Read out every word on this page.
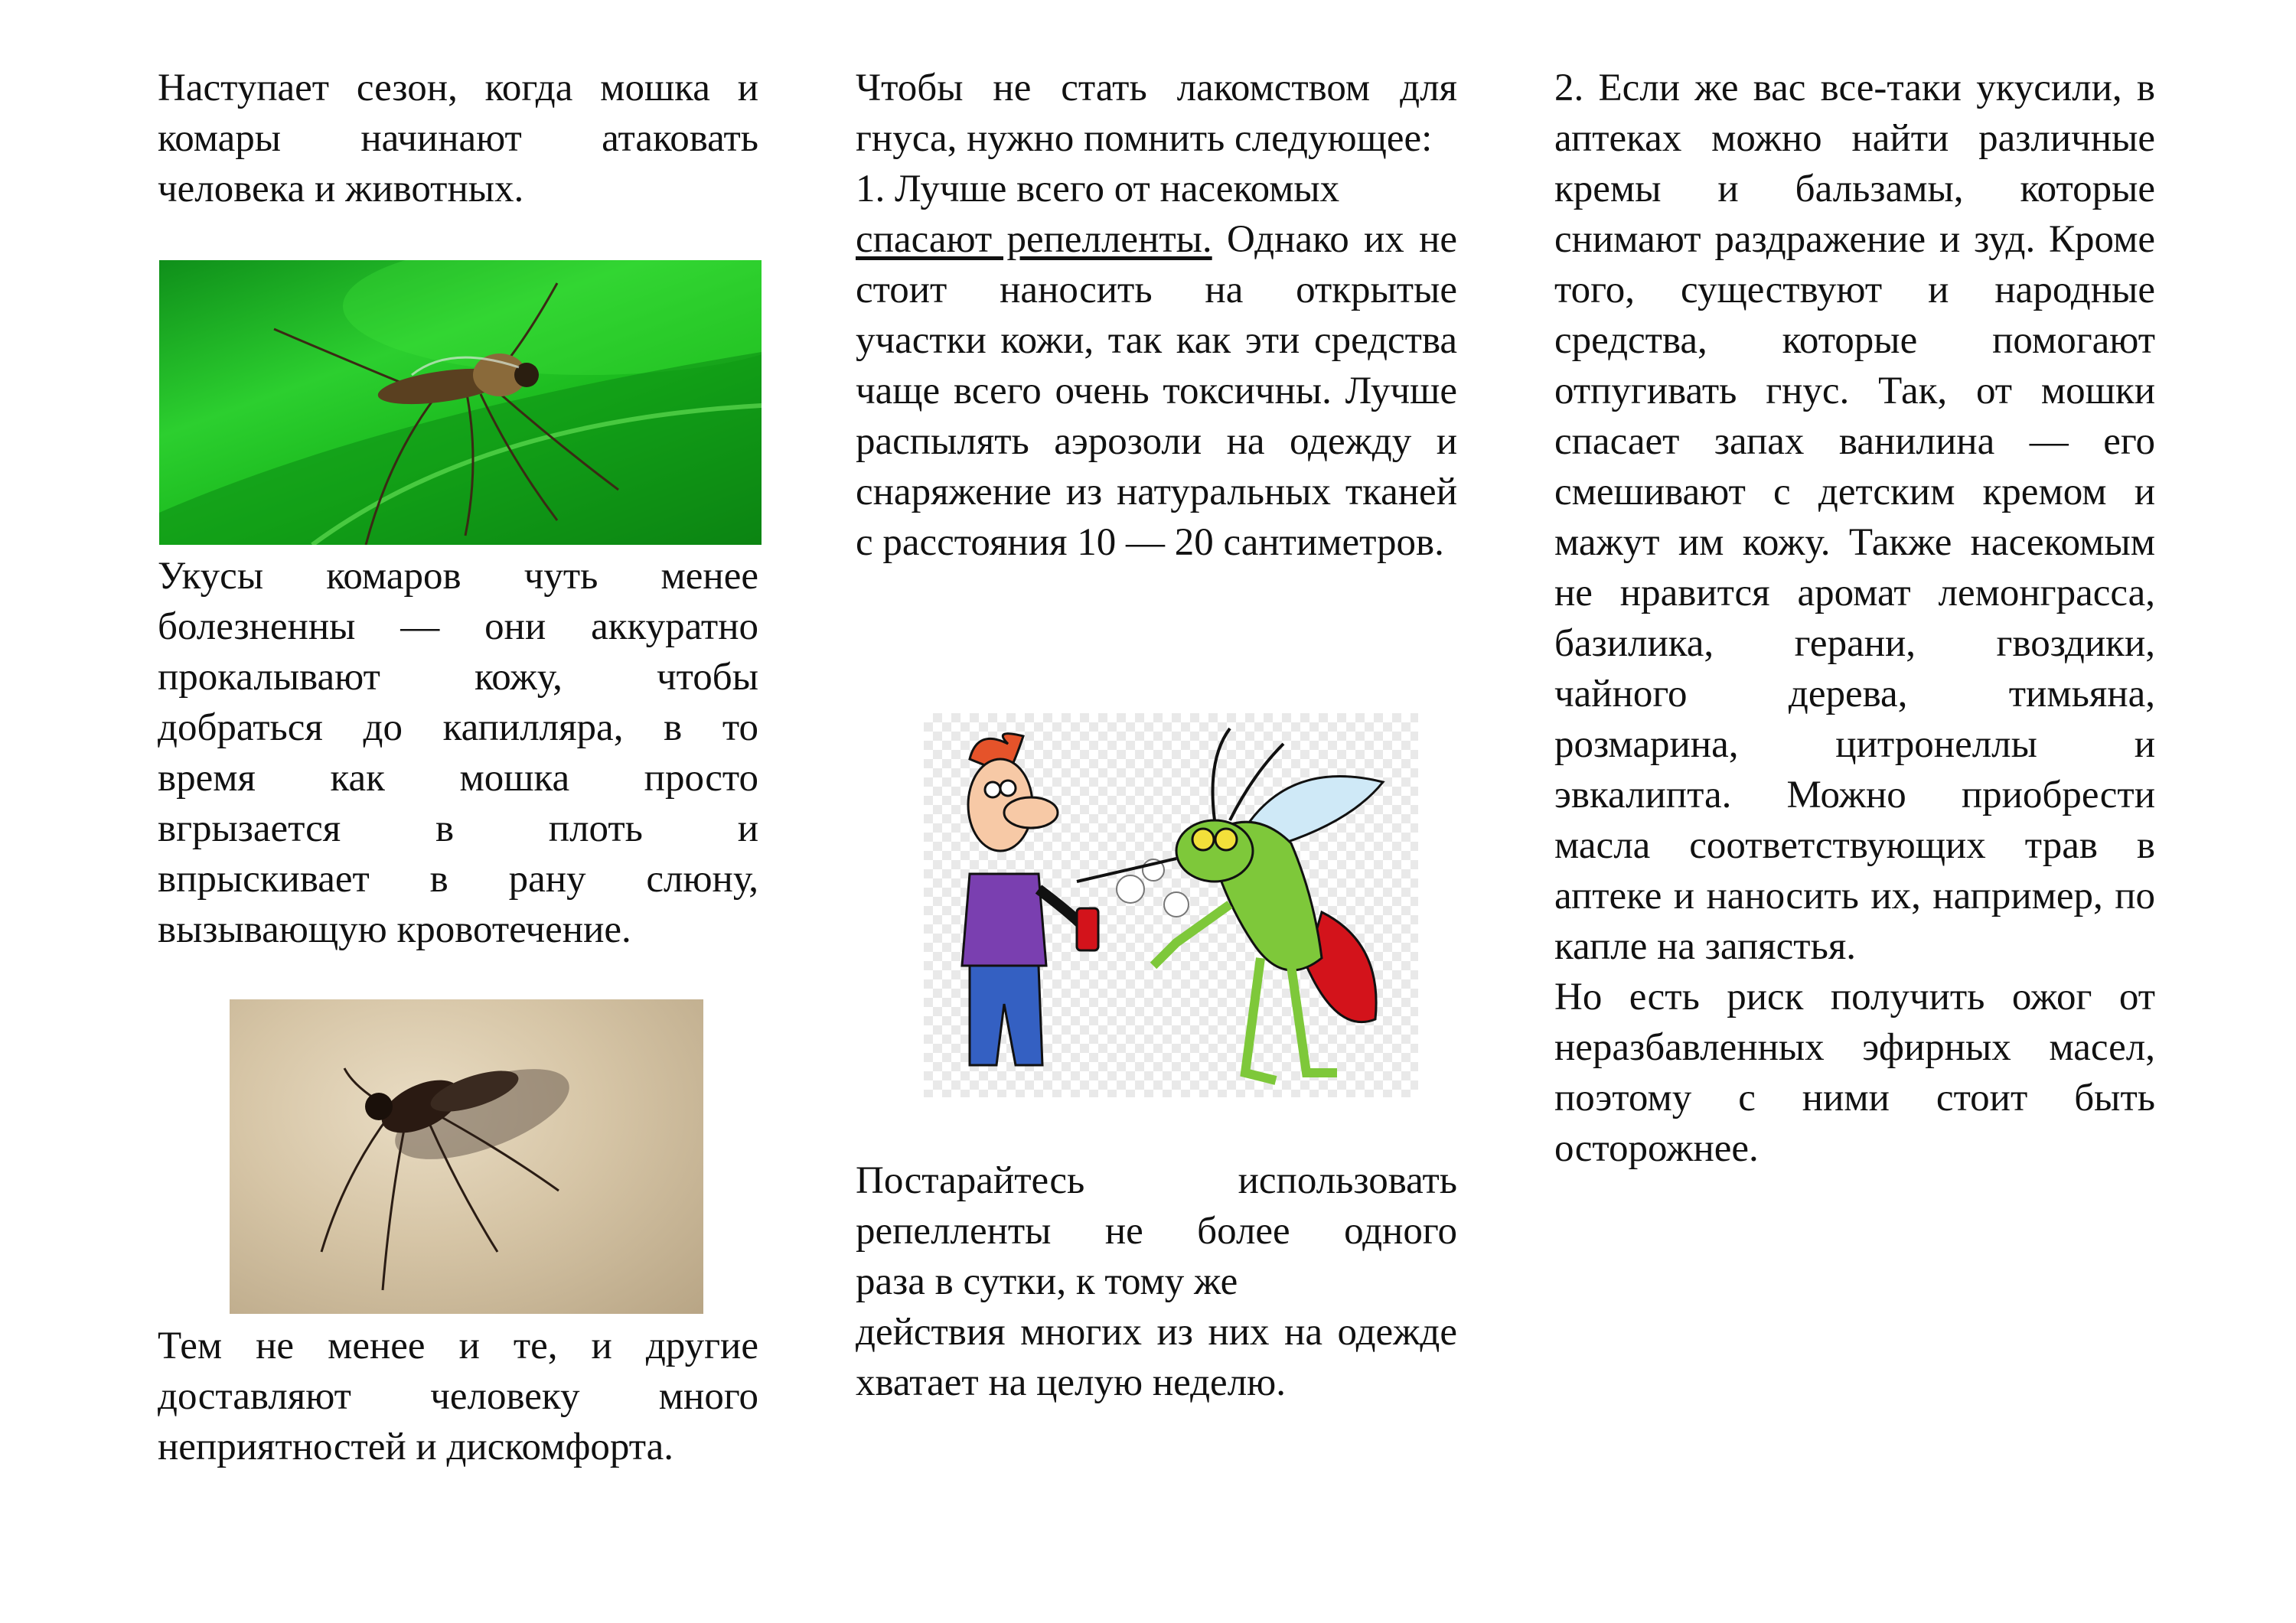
Наступает сезон, когда мошка и комары начинают атаковать человека и животных.

Укусы комаров чуть менее
болезненны — они аккуратно
прокалывают кожу, чтобы
добраться до капилляра, в то
время как мошка просто
вгрызается в плоть и
впрыскивает в рану слюну,
вызывающую кровотечение.

Тем не менее и те, и другие доставляют человеку много неприятностей и дискомфорта.

Чтобы не стать лакомством для гнуса, нужно помнить следующее:

1. Лучше всего от насекомых

спасают репелленты. Однако их не стоит наносить на открытые участки кожи, так как эти средства чаще всего очень токсичны. Лучше распылять аэрозоли на одежду и снаряжение из натуральных тканей с расстояния 10 — 20 сантиметров.

Постарайтесь использовать репелленты не более одного

раза в сутки, к тому же

действия многих из них на одежде хватает на целую неделю.

2. Если же вас все-таки укусили, в аптеках можно найти различные кремы и бальзамы, которые снимают раздражение и зуд. Кроме того, существуют и народные средства, которые помогают отпугивать гнус. Так, от мошки спасает запах ванилина — его смешивают с детским кремом и мажут им кожу. Также насекомым не нравится аромат лемонграсса, базилика, герани, гвоздики, чайного дерева, тимьяна, розмарина, цитронеллы и эвкалипта. Можно приобрести масла соответствующих трав в аптеке и наносить их, например, по капле на запястья.

Но есть риск получить ожог от неразбавленных эфирных масел, поэтому с ними стоит быть осторожнее.
